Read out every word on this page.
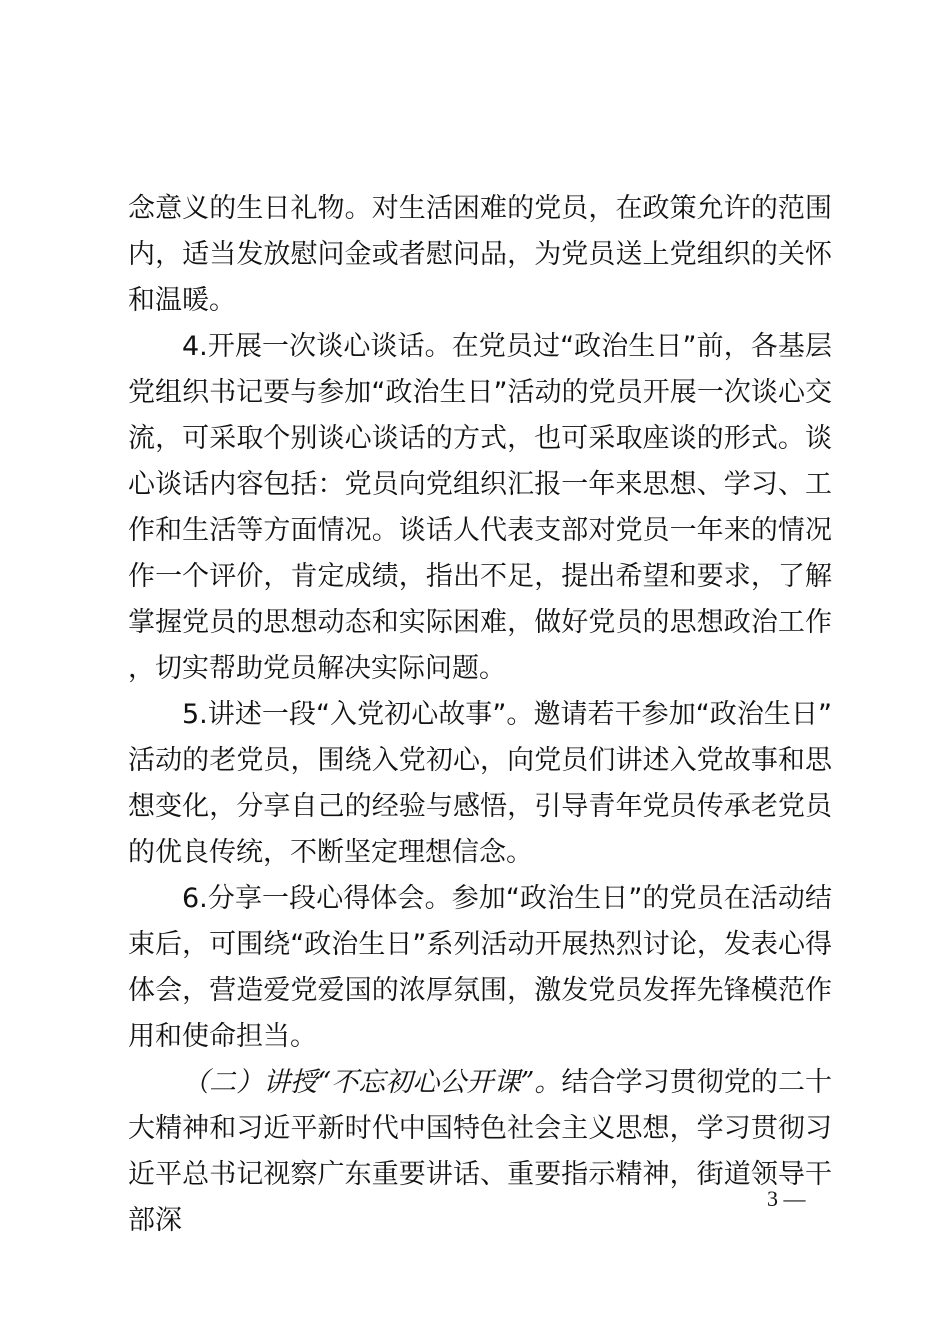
念意义的生日礼物。对生活困难的党员，在政策允许的范围内，适当发放慰问金或者慰问品，为党员送上党组织的关怀和温暖。

4.开展一次谈心谈话。在党员过“政治生日”前，各基层党组织书记要与参加“政治生日”活动的党员开展一次谈心交流，可采取个别谈心谈话的方式，也可采取座谈的形式。谈心谈话内容包括：党员向党组织汇报一年来思想、学习、工作和生活等方面情况。谈话人代表支部对党员一年来的情况作一个评价，肯定成绩，指出不足，提出希望和要求，了解掌握党员的思想动态和实际困难，做好党员的思想政治工作，切实帮助党员解决实际问题。

5.讲述一段“入党初心故事”。邀请若干参加“政治生日”活动的老党员，围绕入党初心，向党员们讲述入党故事和思想变化，分享自己的经验与感悟，引导青年党员传承老党员的优良传统，不断坚定理想信念。

6.分享一段心得体会。参加“政治生日”的党员在活动结束后，可围绕“政治生日”系列活动开展热烈讨论，发表心得体会，营造爱党爱国的浓厚氛围，激发党员发挥先锋模范作用和使命担当。

（二）讲授“不忘初心公开课”。结合学习贯彻党的二十大精神和习近平新时代中国特色社会主义思想，学习贯彻习近平总书记视察广东重要讲话、重要指示精神，街道领导干部深

3 —
